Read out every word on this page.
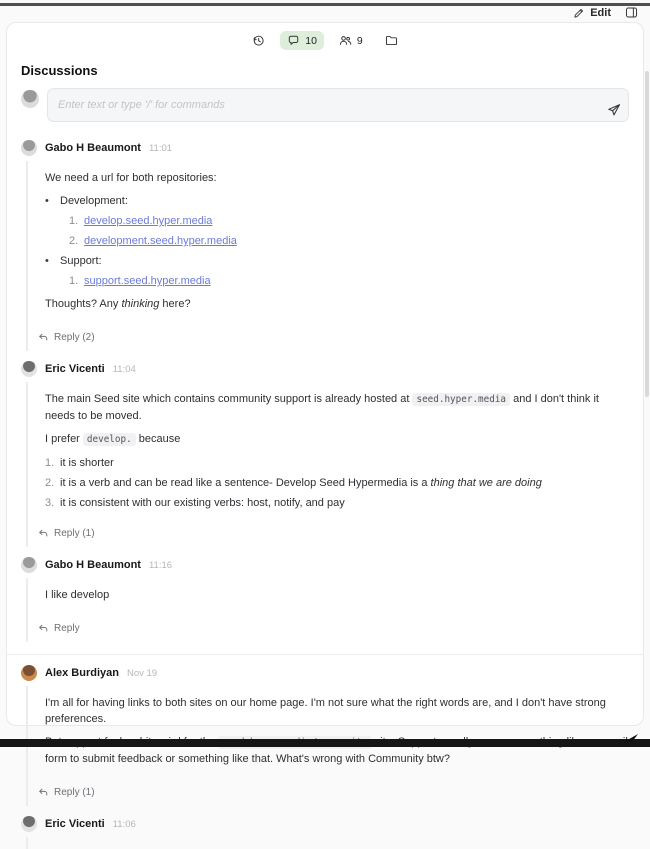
Edit
10	9
Discussions
Enter text or type '/' for commands
Gabo H Beaumont 11:01
We need a url for both repositories:
•	Development:
1. develop.seed.hyper.media
2. development.seed.hyper.media
•	Support:
1. support.seed.hyper.media
Thoughts? Any thinking here?
Reply (2)
Eric Vicenti 11:04
The main Seed site which contains community support is already hosted at seed.hyper.media and I don't think it needs to be moved.
I prefer develop. because
1. it is shorter
2. it is a verb and can be read like a sentence- Develop Seed Hypermedia is a thing that we are doing
3. it is consistent with our existing verbs: host, notify, and pay
Reply (1)
Gabo H Beaumont 11:16
I like develop
Reply
Alex Burdiyan Nov 19
I'm all for having links to both sites on our home page. I'm not sure what the right words are, and I don't have strong preferences.
form to submit feedback or something like that. What's wrong with Community btw?
Reply (1)
Eric Vicenti 11:06
